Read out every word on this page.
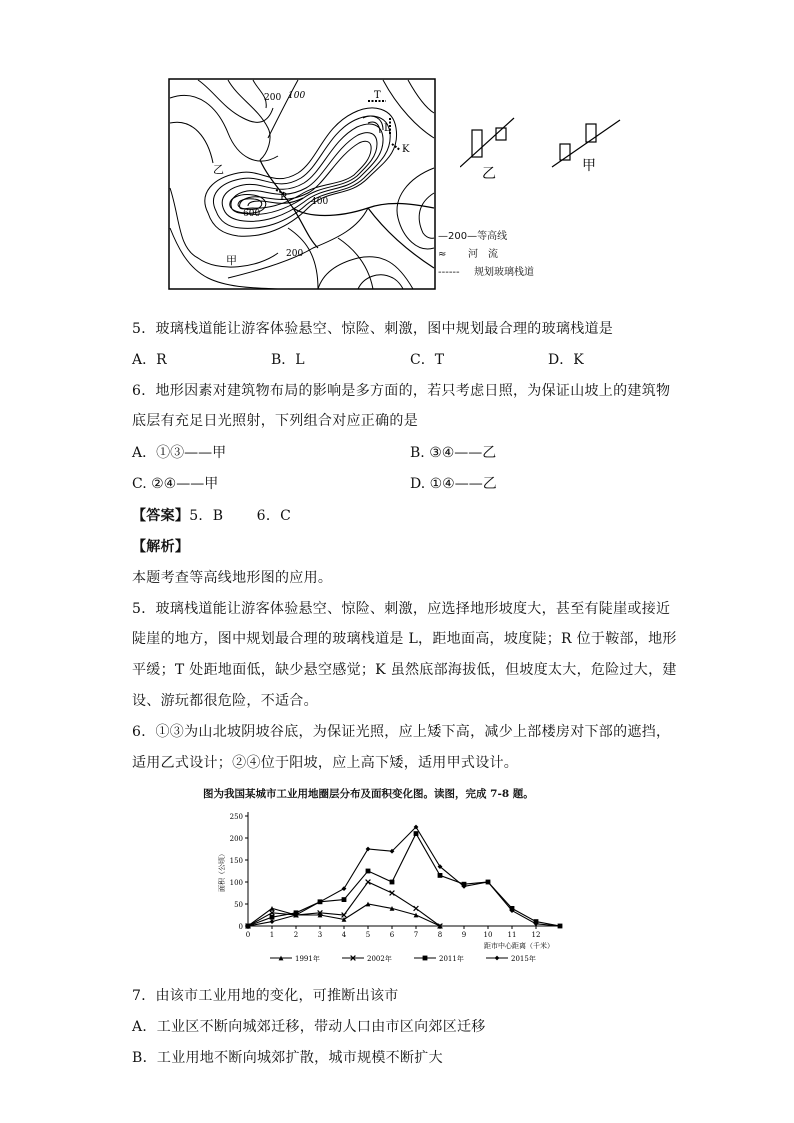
200 100
400
600
200
T
L
K
R
乙
甲
—200—等高线
≈ 河　流
------ 规划玻璃栈道
乙	甲
5．玻璃栈道能让游客体验悬空、惊险、刺激，图中规划最合理的玻璃栈道是
A．R	B．L	C．T	D．K
6．地形因素对建筑物布局的影响是多方面的，若只考虑日照，为保证山坡上的建筑物
底层有充足日光照射，下列组合对应正确的是
A．①③——甲	B. ③④——乙
C. ②④——甲	D. ①④——乙
【答案】5．B　　 6．C
【解析】
本题考查等高线地形图的应用。
5．玻璃栈道能让游客体验悬空、惊险、刺激，应选择地形坡度大，甚至有陡崖或接近
陡崖的地方，图中规划最合理的玻璃栈道是 L，距地面高，坡度陡；R 位于鞍部，地形
平缓；T 处距地面低，缺少悬空感觉；K 虽然底部海拔低，但坡度太大，危险过大，建
设、游玩都很危险，不适合。
6．①③为山北坡阴坡谷底，为保证光照，应上矮下高，减少上部楼房对下部的遮挡，
适用乙式设计；②④位于阳坡，应上高下矮，适用甲式设计。
图为我国某城市工业用地圈层分布及面积变化图。读图，完成 7-8 题。
0
50
100
150
200
250
0	1	2	3	4	5	6	7	8	9 10 11 12
面积（公顷）
距市中心距离（千米）
1991年	2002年	2011年	2015年
7．由该市工业用地的变化，可推断出该市
A．工业区不断向城郊迁移，带动人口由市区向郊区迁移
B．工业用地不断向城郊扩散，城市规模不断扩大
